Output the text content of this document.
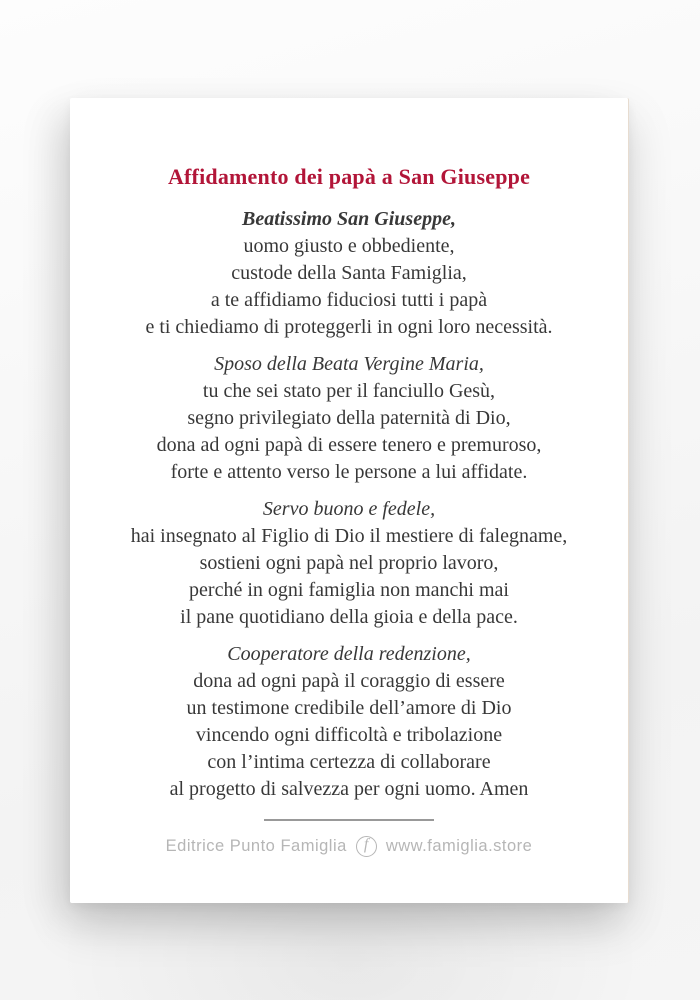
Affidamento dei papà a San Giuseppe

Beatissimo San Giuseppe,
uomo giusto e obbediente,
custode della Santa Famiglia,
a te affidiamo fiduciosi tutti i papà
e ti chiediamo di proteggerli in ogni loro necessità.

Sposo della Beata Vergine Maria,
tu che sei stato per il fanciullo Gesù,
segno privilegiato della paternità di Dio,
dona ad ogni papà di essere tenero e premuroso,
forte e attento verso le persone a lui affidate.

Servo buono e fedele,
hai insegnato al Figlio di Dio il mestiere di falegname,
sostieni ogni papà nel proprio lavoro,
perché in ogni famiglia non manchi mai
il pane quotidiano della gioia e della pace.

Cooperatore della redenzione,
dona ad ogni papà il coraggio di essere
un testimone credibile dell’amore di Dio
vincendo ogni difficoltà e tribolazione
con l’intima certezza di collaborare
al progetto di salvezza per ogni uomo. Amen

Editrice Punto Famiglia	f	www.famiglia.store
